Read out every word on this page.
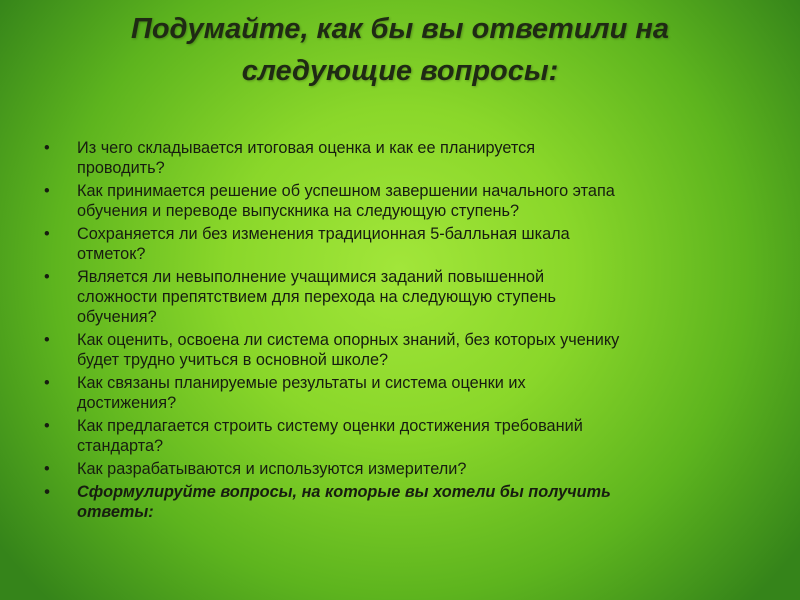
Подумайте, как бы вы ответили на
следующие вопросы:
• Из чего складывается итоговая оценка и как ее планируется
проводить?
• Как принимается решение об успешном завершении начального этапа
обучения и переводе выпускника на следующую ступень?
• Сохраняется ли без изменения традиционная 5-балльная шкала
отметок?
• Является ли невыполнение учащимися заданий повышенной
сложности препятствием для перехода на следующую ступень
обучения?
• Как оценить, освоена ли система опорных знаний, без которых ученику
будет трудно учиться в основной школе?
• Как связаны планируемые результаты и система оценки их
достижения?
• Как предлагается строить систему оценки достижения требований
стандарта?
• Как разрабатываются и используются измерители?
• Сформулируйте вопросы, на которые вы хотели бы получить
ответы:
